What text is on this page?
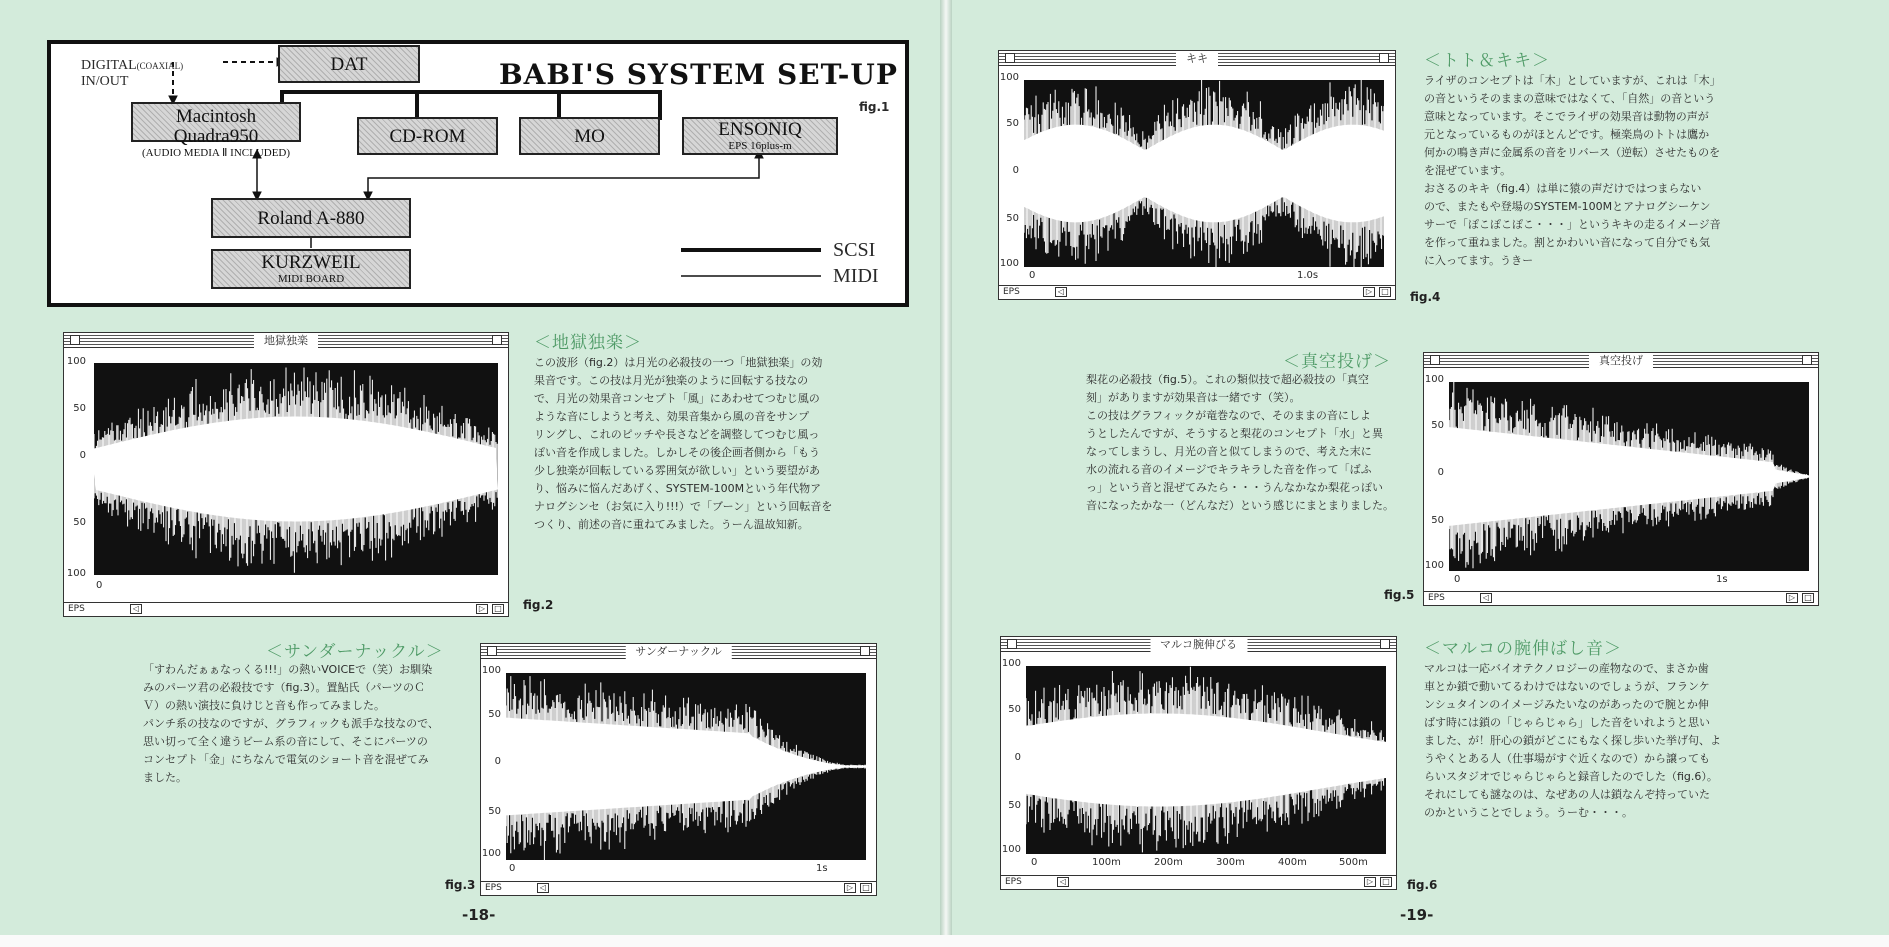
DIGITAL(COAXIAL)
IN/OUT	BABI'S SYSTEM SET-UP
fig.1
DAT
Macintosh Quadra950
(AUDIO MEDIA Ⅱ INCLUDED)
CD-ROM	MO	ENSONIQ
EPS 16plus-m
Roland A-880
KURZWEIL
MIDI BOARD
SCSI
MIDI
地獄独楽
100
50
0
50
100
0
EPS	◁	▷	□ fig.2
サンダーナックル
100
50
0
50
100
0	1s
EPS	◁	▷	□
fig.3
キキ
100
50
0
50
100
0	1.0s
EPS	◁	▷	□ fig.4
真空投げ
100
50
0
50
100
0	1s
EPS	◁	▷	□
fig.5
マルコ腕伸びる
100
50
0
50
100
0	100m	200m	300m	400m	500m
EPS	◁	▷	□ fig.6
＜地獄独楽＞

この波形（fig.2）は月光の必殺技の一つ「地獄独楽」の効

果音です。この技は月光が独楽のように回転する技なの

で、月光の効果音コンセプト「風」にあわせてつむじ風の

ような音にしようと考え、効果音集から風の音をサンプ

リングし、これのピッチや長さなどを調整してつむじ風っ

ぽい音を作成しました。しかしその後企画者側から「もう

少し独楽が回転している雰囲気が欲しい」という要望があ

り、悩みに悩んだあげく、SYSTEM-100Mという年代物ア

ナログシンセ（お気に入り!!!）で「ブーン」という回転音を

つくり、前述の音に重ねてみました。うーん温故知新。

＜サンダーナックル＞

「すわんだぁぁなっくる!!!」の熱いVOICEで（笑）お馴染

みのパーツ君の必殺技です（fig.3）。置鮎氏（パーツのＣ

Ｖ）の熱い演技に負けじと音も作ってみました。

パンチ系の技なのですが、グラフィックも派手な技なので、

思い切って全く違うビーム系の音にして、そこにパーツの

コンセプト「金」にちなんで電気のショート音を混ぜてみ

ました。

＜トト＆キキ＞

ライザのコンセプトは「木」としていますが、これは「木」

の音というそのままの意味ではなくて、「自然」の音という

意味となっています。そこでライザの効果音は動物の声が

元となっているものがほとんどです。極楽鳥のトトは鷹か

何かの鳴き声に金属系の音をリバース（逆転）させたものを

を混ぜています。

おさるのキキ（fig.4）は単に猿の声だけではつまらない

ので、またもや登場のSYSTEM-100Mとアナログシーケン

サーで「ぽこぽこぽこ・・・」というキキの走るイメージ音

を作って重ねました。割とかわいい音になって自分でも気

に入ってます。うきー

＜真空投げ＞

梨花の必殺技（fig.5）。これの類似技で超必殺技の「真空

刻」がありますが効果音は一緒です（笑）。

この技はグラフィックが竜巻なので、そのままの音にしよ

うとしたんですが、そうすると梨花のコンセプト「水」と異

なってしまうし、月光の音と似てしまうので、考えた末に

水の流れる音のイメージでキラキラした音を作って「ばふ

っ」という音と混ぜてみたら・・・うんなかなか梨花っぽい

音になったかな一（どんなだ）という感じにまとまりました。

＜マルコの腕伸ばし音＞

マルコは一応バイオテクノロジーの産物なので、まさか歯

車とか鎖で動いてるわけではないのでしょうが、フランケ

ンシュタインのイメージみたいなのがあったので腕とか伸

ばす時には鎖の「じゃらじゃら」した音をいれようと思い

ました、が！肝心の鎖がどこにもなく探し歩いた挙げ句、よ

うやくとある人（仕事場がすぐ近くなので）から譲っても

らいスタジオでじゃらじゃらと録音したのでした（fig.6）。

それにしても謎なのは、なぜあの人は鎖なんぞ持っていた

のかということでしょう。うーむ・・・。

-18-	-19-
